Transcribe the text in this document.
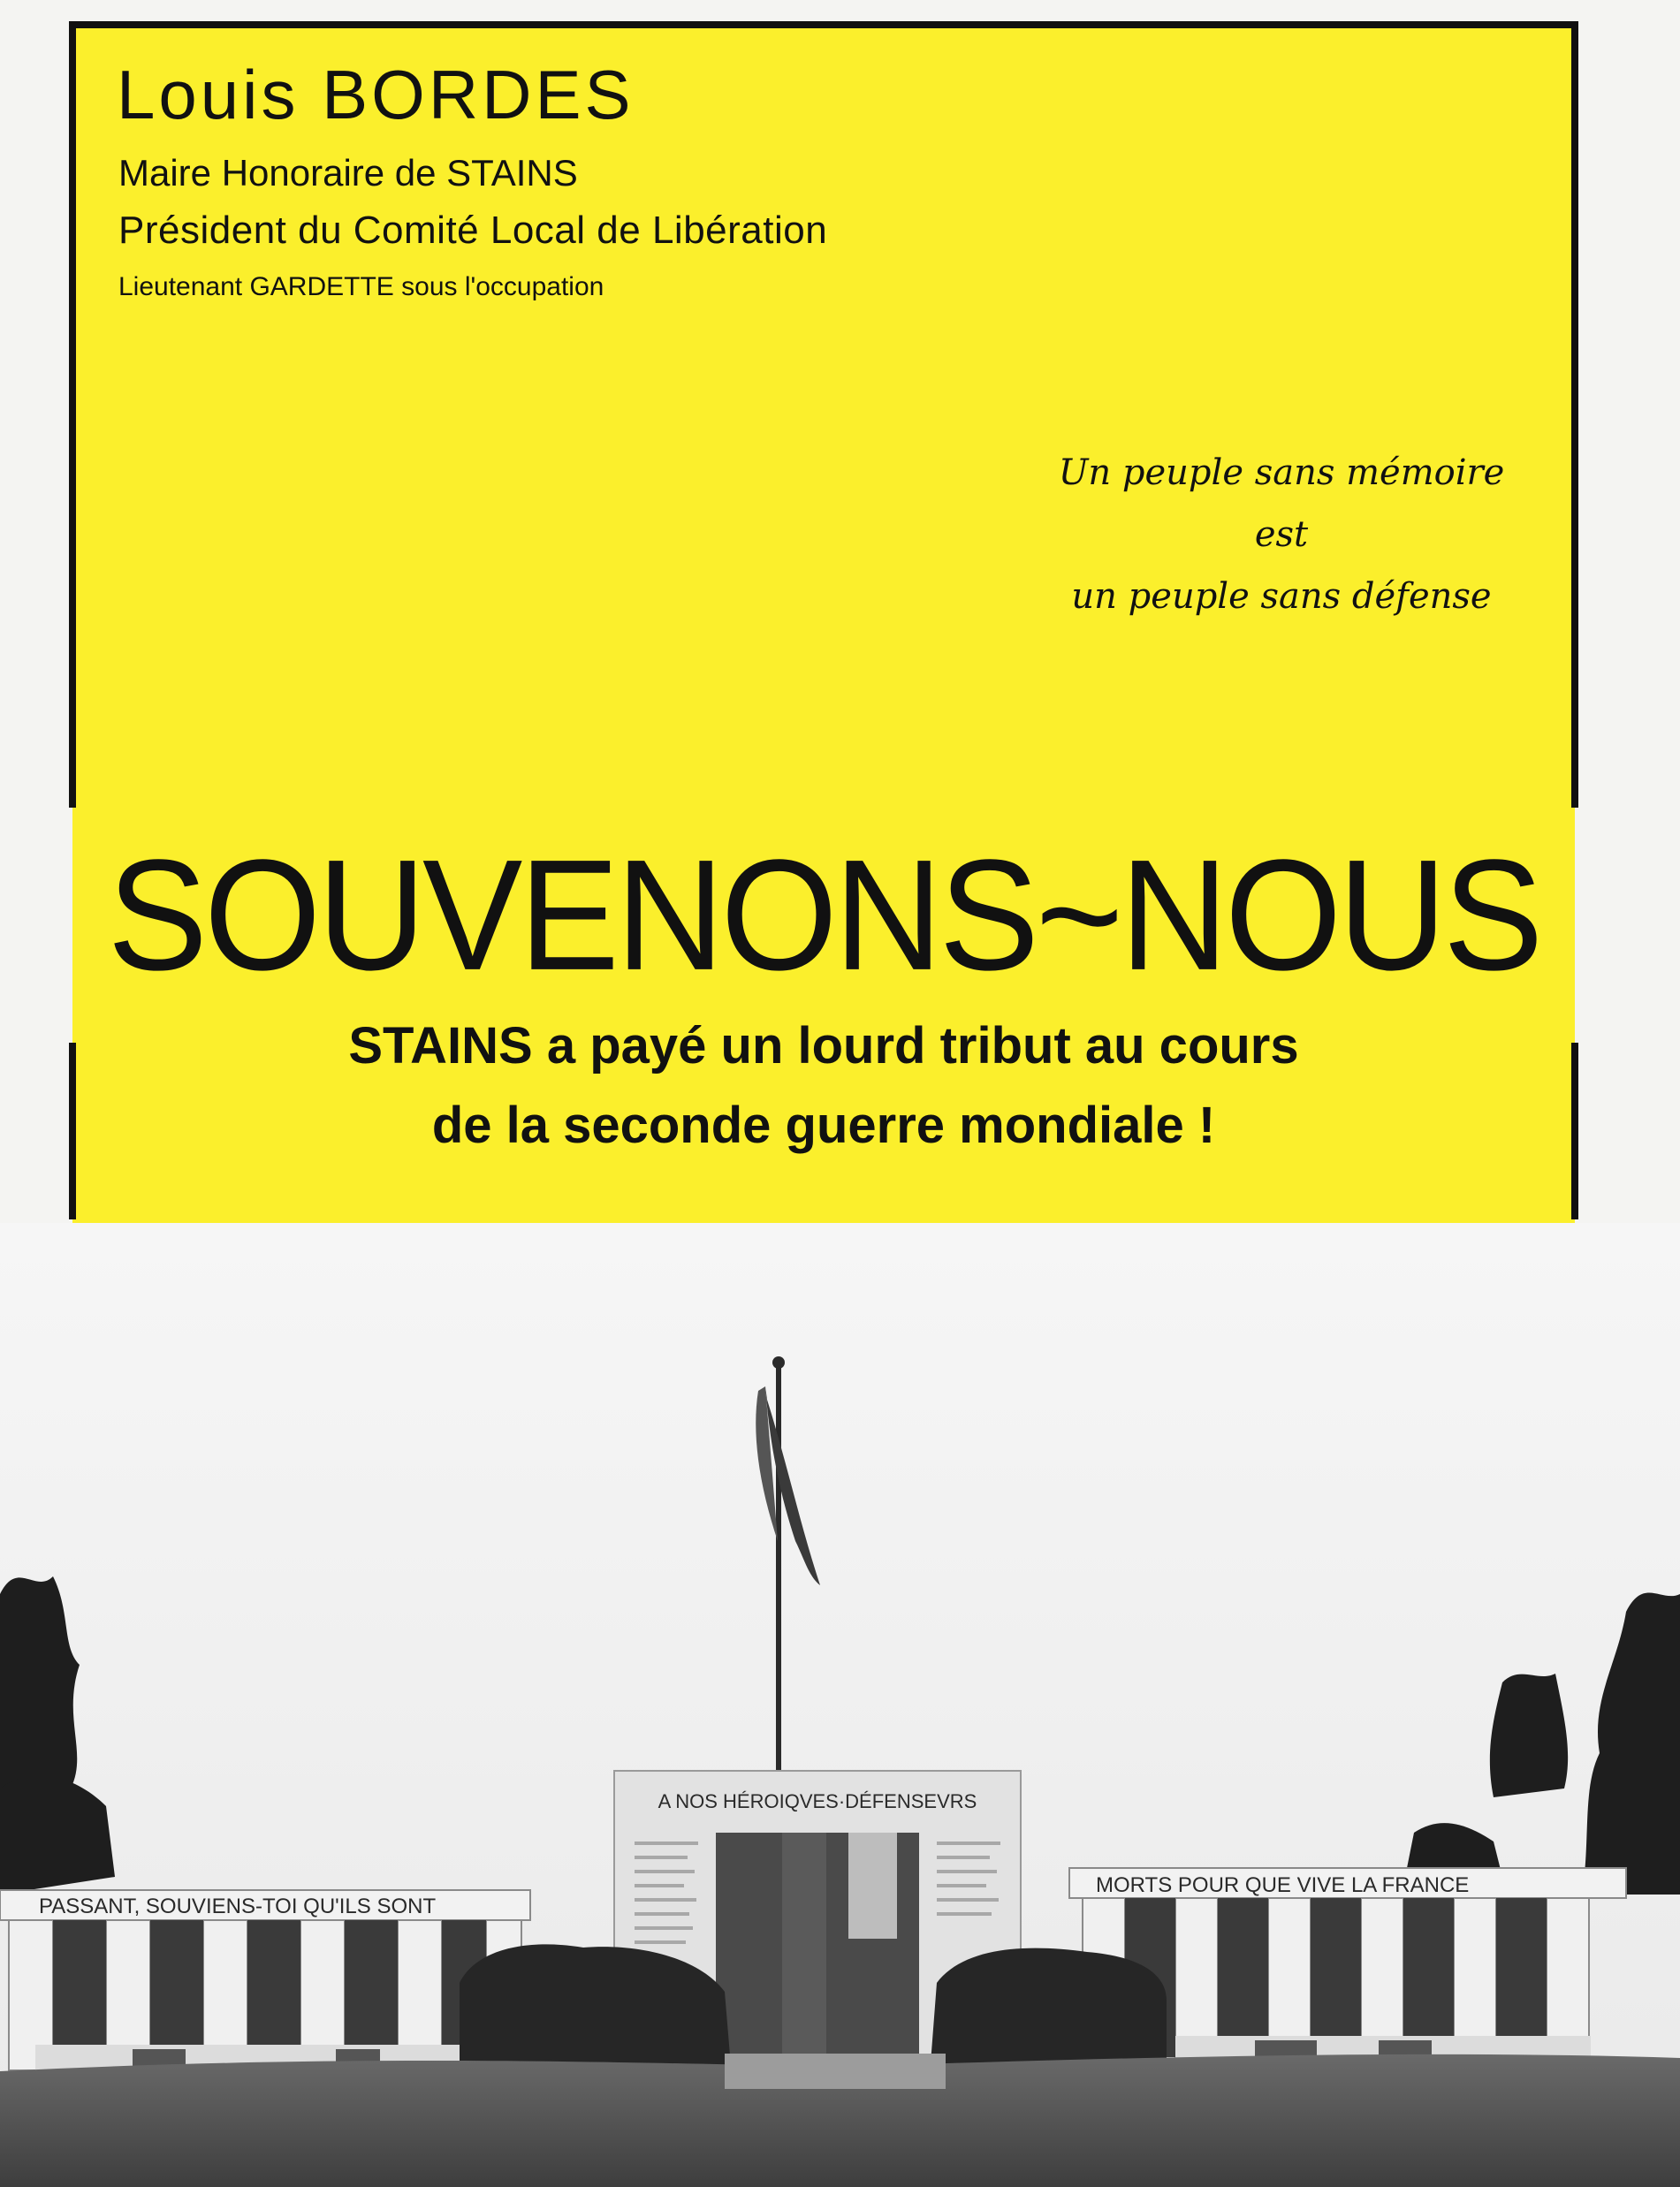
Louis BORDES

Maire Honoraire de STAINS

Président du Comité Local de Libération

Lieutenant GARDETTE sous l'occupation

Un peuple sans mémoire
est
un peuple sans défense
SOUVENONS~NOUS

STAINS a payé un lourd tribut au cours

de la seconde guerre mondiale !

A NOS HÉROIQVES·DÉFENSEVRS
PASSANT, SOUVIENS-TOI QU'ILS SONT
MORTS POUR QUE VIVE LA FRANCE
